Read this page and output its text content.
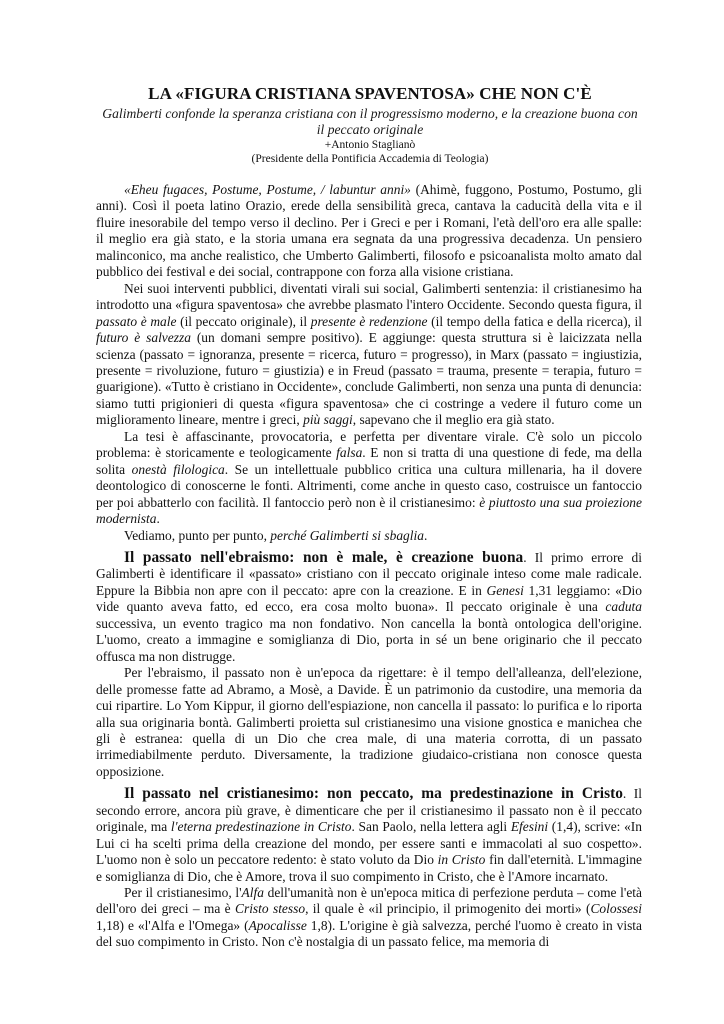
LA «FIGURA CRISTIANA SPAVENTOSA» CHE NON C'È
Galimberti confonde la speranza cristiana con il progressismo moderno, e la creazione buona con
il peccato originale
+Antonio Staglianò
(Presidente della Pontificia Accademia di Teologia)

«Eheu fugaces, Postume, Postume, / labuntur anni» (Ahimè, fuggono, Postumo, Postumo, gli anni). Così il poeta latino Orazio, erede della sensibilità greca, cantava la caducità della vita e il fluire inesorabile del tempo verso il declino. Per i Greci e per i Romani, l'età dell'oro era alle spalle: il meglio era già stato, e la storia umana era segnata da una progressiva decadenza. Un pensiero malinconico, ma anche realistico, che Umberto Galimberti, filosofo e psicoanalista molto amato dal pubblico dei festival e dei social, contrappone con forza alla visione cristiana.

Nei suoi interventi pubblici, diventati virali sui social, Galimberti sentenzia: il cristianesimo ha introdotto una «figura spaventosa» che avrebbe plasmato l'intero Occidente. Secondo questa figura, il passato è male (il peccato originale), il presente è redenzione (il tempo della fatica e della ricerca), il futuro è salvezza (un domani sempre positivo). E aggiunge: questa struttura si è laicizzata nella scienza (passato = ignoranza, presente = ricerca, futuro = progresso), in Marx (passato = ingiustizia, presente = rivoluzione, futuro = giustizia) e in Freud (passato = trauma, presente = terapia, futuro = guarigione). «Tutto è cristiano in Occidente», conclude Galimberti, non senza una punta di denuncia: siamo tutti prigionieri di questa «figura spaventosa» che ci costringe a vedere il futuro come un miglioramento lineare, mentre i greci, più saggi, sapevano che il meglio era già stato.

La tesi è affascinante, provocatoria, e perfetta per diventare virale. C'è solo un piccolo problema: è storicamente e teologicamente falsa. E non si tratta di una questione di fede, ma della solita onestà filologica. Se un intellettuale pubblico critica una cultura millenaria, ha il dovere deontologico di conoscerne le fonti. Altrimenti, come anche in questo caso, costruisce un fantoccio per poi abbatterlo con facilità. Il fantoccio però non è il cristianesimo: è piuttosto una sua proiezione modernista.

Vediamo, punto per punto, perché Galimberti si sbaglia.

Il passato nell'ebraismo: non è male, è creazione buona. Il primo errore di Galimberti è identificare il «passato» cristiano con il peccato originale inteso come male radicale. Eppure la Bibbia non apre con il peccato: apre con la creazione. E in Genesi 1,31 leggiamo: «Dio vide quanto aveva fatto, ed ecco, era cosa molto buona». Il peccato originale è una caduta successiva, un evento tragico ma non fondativo. Non cancella la bontà ontologica dell'origine. L'uomo, creato a immagine e somiglianza di Dio, porta in sé un bene originario che il peccato offusca ma non distrugge.

Per l'ebraismo, il passato non è un'epoca da rigettare: è il tempo dell'alleanza, dell'elezione, delle promesse fatte ad Abramo, a Mosè, a Davide. È un patrimonio da custodire, una memoria da cui ripartire. Lo Yom Kippur, il giorno dell'espiazione, non cancella il passato: lo purifica e lo riporta alla sua originaria bontà. Galimberti proietta sul cristianesimo una visione gnostica e manichea che gli è estranea: quella di un Dio che crea male, di una materia corrotta, di un passato irrimediabilmente perduto. Diversamente, la tradizione giudaico-cristiana non conosce questa opposizione.

Il passato nel cristianesimo: non peccato, ma predestinazione in Cristo. Il secondo errore, ancora più grave, è dimenticare che per il cristianesimo il passato non è il peccato originale, ma l'eterna predestinazione in Cristo. San Paolo, nella lettera agli Efesini (1,4), scrive: «In Lui ci ha scelti prima della creazione del mondo, per essere santi e immacolati al suo cospetto». L'uomo non è solo un peccatore redento: è stato voluto da Dio in Cristo fin dall'eternità. L'immagine e somiglianza di Dio, che è Amore, trova il suo compimento in Cristo, che è l'Amore incarnato.

Per il cristianesimo, l'Alfa dell'umanità non è un'epoca mitica di perfezione perduta – come l'età dell'oro dei greci – ma è Cristo stesso, il quale è «il principio, il primogenito dei morti» (Colossesi 1,18) e «l'Alfa e l'Omega» (Apocalisse 1,8). L'origine è già salvezza, perché l'uomo è creato in vista del suo compimento in Cristo. Non c'è nostalgia di un passato felice, ma memoria di
